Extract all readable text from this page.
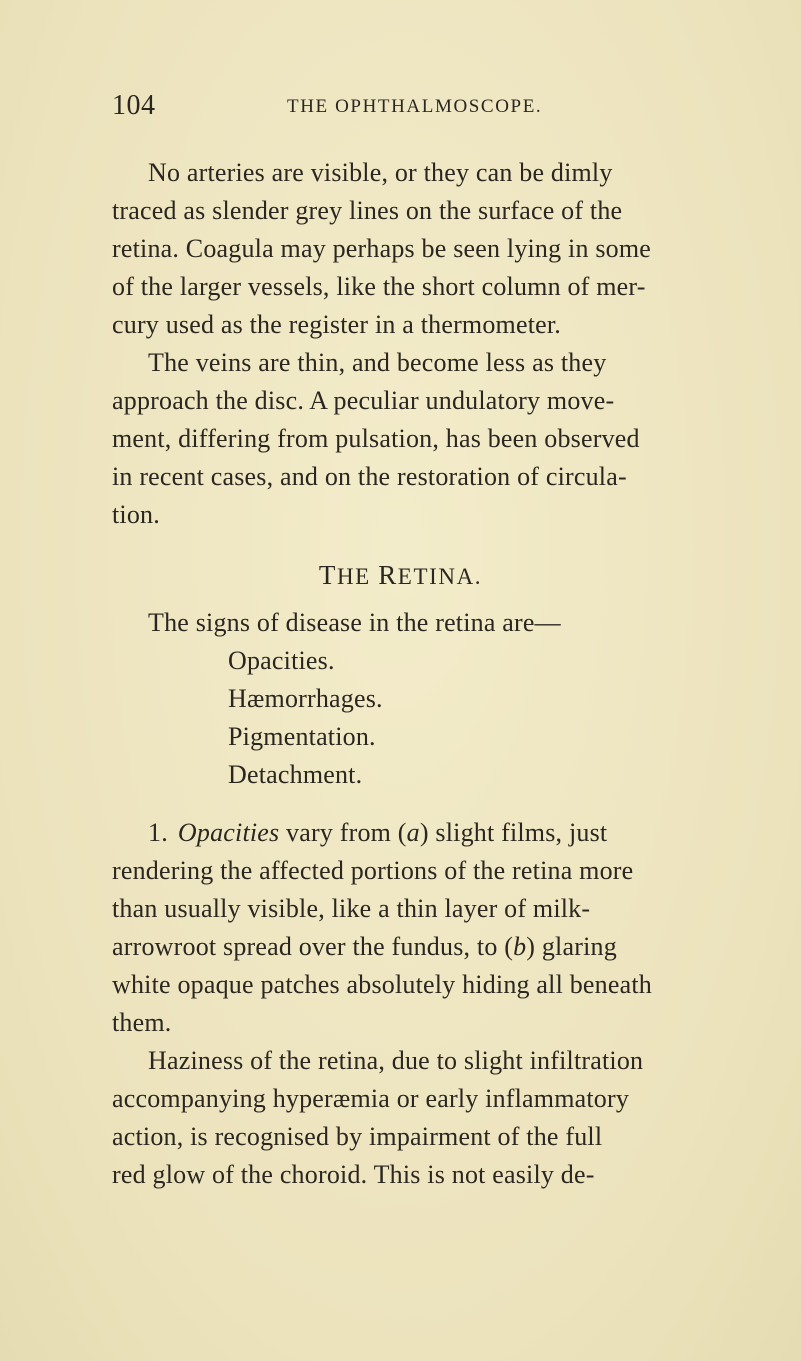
104	THE OPHTHALMOSCOPE.
No arteries are visible, or they can be dimly
traced as slender grey lines on the surface of the
retina. Coagula may perhaps be seen lying in some
of the larger vessels, like the short column of mer-
cury used as the register in a thermometer.
The veins are thin, and become less as they
approach the disc. A peculiar undulatory move-
ment, differing from pulsation, has been observed
in recent cases, and on the restoration of circula-
tion.
THE RETINA.
The signs of disease in the retina are—
Opacities.
Hæmorrhages.
Pigmentation.
Detachment.
1. Opacities vary from (a) slight films, just
rendering the affected portions of the retina more
than usually visible, like a thin layer of milk-
arrowroot spread over the fundus, to (b) glaring
white opaque patches absolutely hiding all beneath
them.
Haziness of the retina, due to slight infiltration
accompanying hyperæmia or early inflammatory
action, is recognised by impairment of the full
red glow of the choroid. This is not easily de-
